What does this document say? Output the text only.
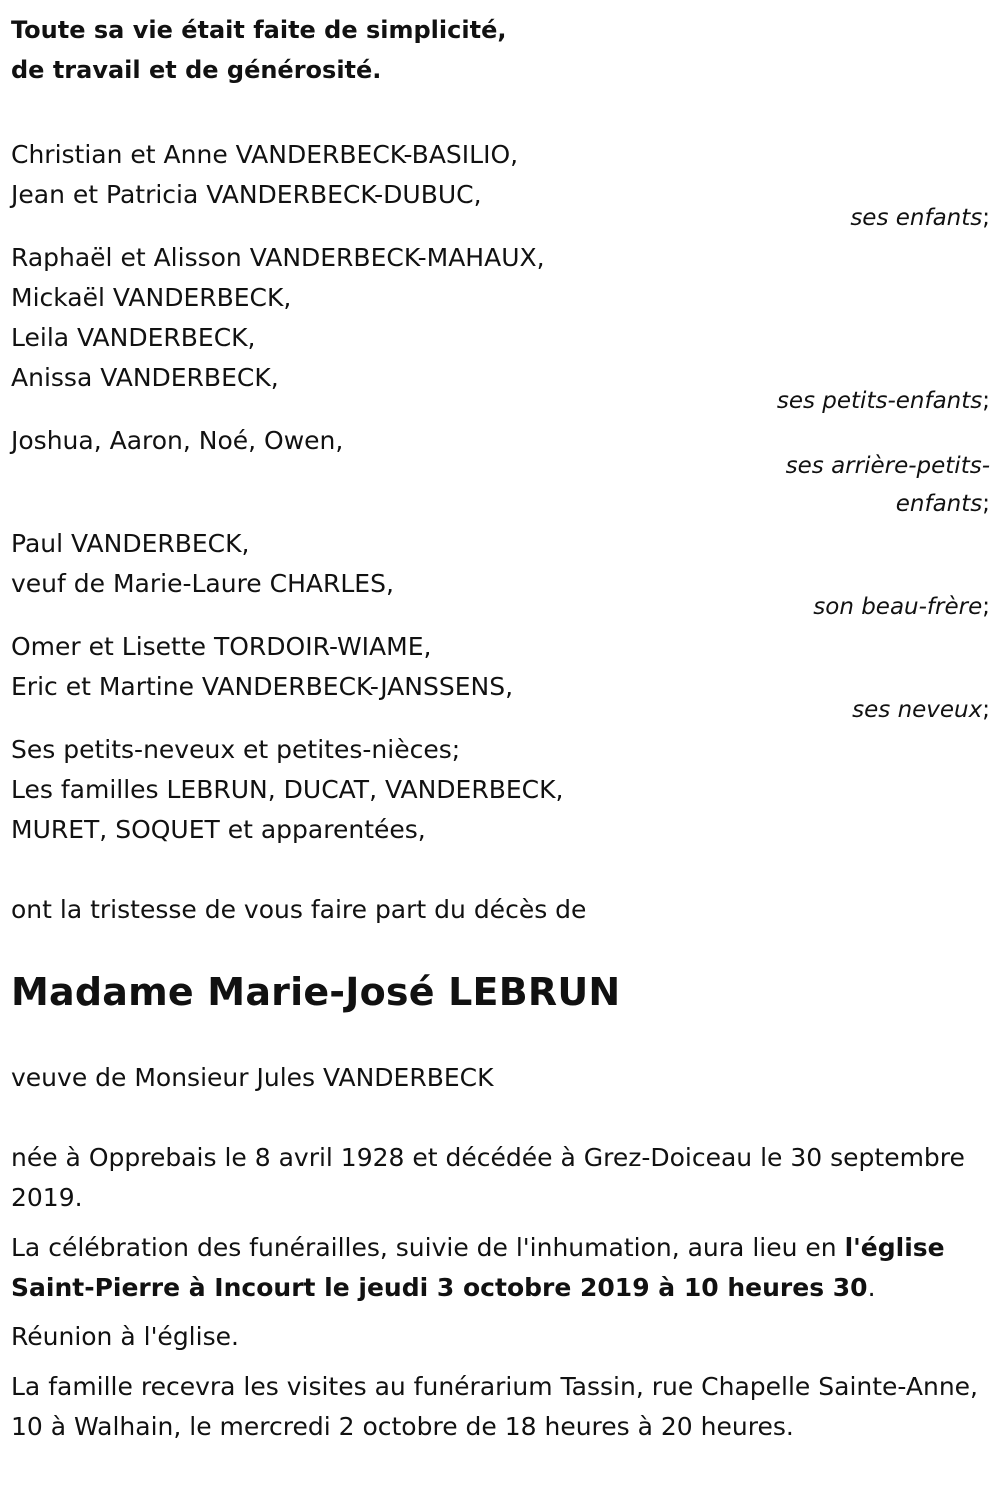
Toute sa vie était faite de simplicité,
de travail et de générosité.
Christian et Anne VANDERBECK-BASILIO,
Jean et Patricia VANDERBECK-DUBUC,
ses enfants;
Raphaël et Alisson VANDERBECK-MAHAUX,
Mickaël VANDERBECK,
Leila VANDERBECK,
Anissa VANDERBECK,
ses petits-enfants;
Joshua, Aaron, Noé, Owen,
ses arrière-petits-
enfants;
Paul VANDERBECK,
veuf de Marie-Laure CHARLES,
son beau-frère;
Omer et Lisette TORDOIR-WIAME,
Eric et Martine VANDERBECK-JANSSENS,
ses neveux;
Ses petits-neveux et petites-nièces;
Les familles LEBRUN, DUCAT, VANDERBECK,
MURET, SOQUET et apparentées,
ont la tristesse de vous faire part du décès de
Madame Marie-José LEBRUN
veuve de Monsieur Jules VANDERBECK
née à Opprebais le 8 avril 1928 et décédée à Grez-Doiceau le 30 septembre 2019.
La célébration des funérailles, suivie de l'inhumation, aura lieu en l'église Saint-Pierre à Incourt le jeudi 3 octobre 2019 à 10 heures 30.
Réunion à l'église.
La famille recevra les visites au funérarium Tassin, rue Chapelle Sainte-Anne, 10 à Walhain, le mercredi 2 octobre de 18 heures à 20 heures.
